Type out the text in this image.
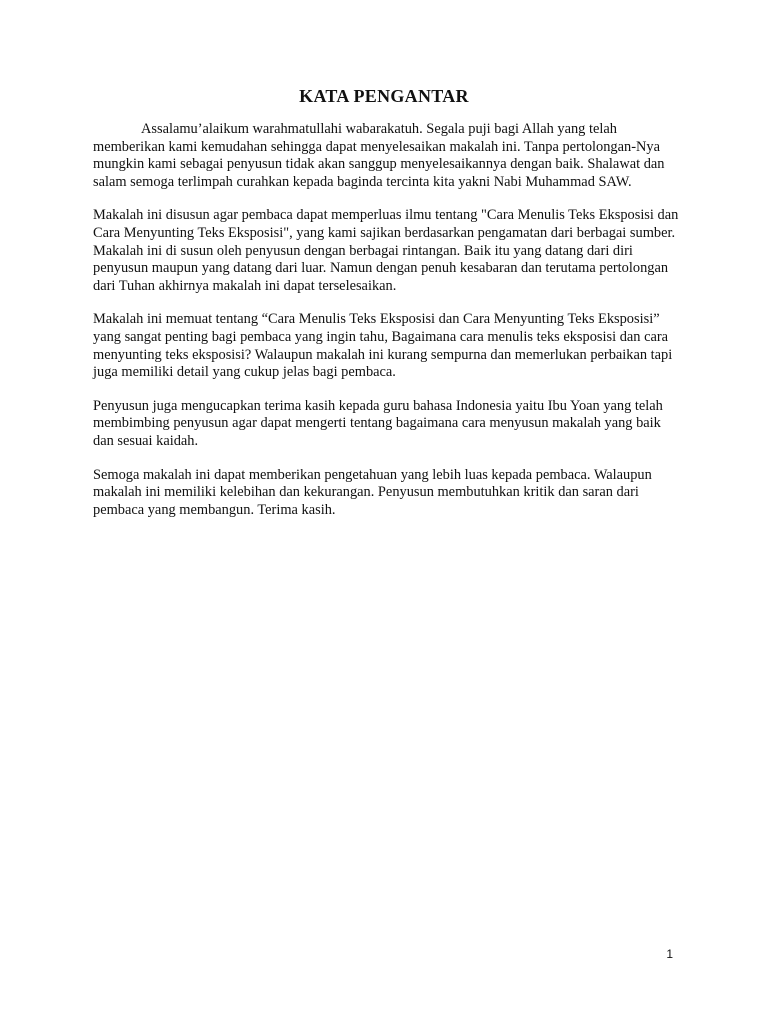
KATA PENGANTAR

Assalamu’alaikum warahmatullahi wabarakatuh. Segala puji bagi Allah yang telah memberikan kami kemudahan sehingga dapat menyelesaikan makalah ini. Tanpa pertolongan-Nya mungkin kami sebagai penyusun tidak akan sanggup menyelesaikannya dengan baik. Shalawat dan salam semoga terlimpah curahkan kepada baginda tercinta kita yakni Nabi Muhammad SAW.

Makalah ini disusun agar pembaca dapat memperluas ilmu tentang "Cara Menulis Teks Eksposisi dan Cara Menyunting Teks Eksposisi", yang kami sajikan berdasarkan pengamatan dari berbagai sumber. Makalah ini di susun oleh penyusun dengan berbagai rintangan. Baik itu yang datang dari diri penyusun maupun yang datang dari luar. Namun dengan penuh kesabaran dan terutama pertolongan dari Tuhan akhirnya makalah ini dapat terselesaikan.

Makalah ini memuat tentang “Cara Menulis Teks Eksposisi dan Cara Menyunting Teks Eksposisi” yang sangat penting bagi pembaca yang ingin tahu, Bagaimana cara menulis teks eksposisi dan cara menyunting teks eksposisi? Walaupun makalah ini kurang sempurna dan memerlukan perbaikan tapi juga memiliki detail yang cukup jelas bagi pembaca.

Penyusun juga mengucapkan terima kasih kepada guru bahasa Indonesia yaitu Ibu Yoan yang telah membimbing penyusun agar dapat mengerti tentang bagaimana cara menyusun makalah yang baik dan sesuai kaidah.

Semoga makalah ini dapat memberikan pengetahuan yang lebih luas kepada pembaca. Walaupun makalah ini memiliki kelebihan dan kekurangan. Penyusun membutuhkan kritik dan saran dari pembaca yang membangun. Terima kasih.

1
